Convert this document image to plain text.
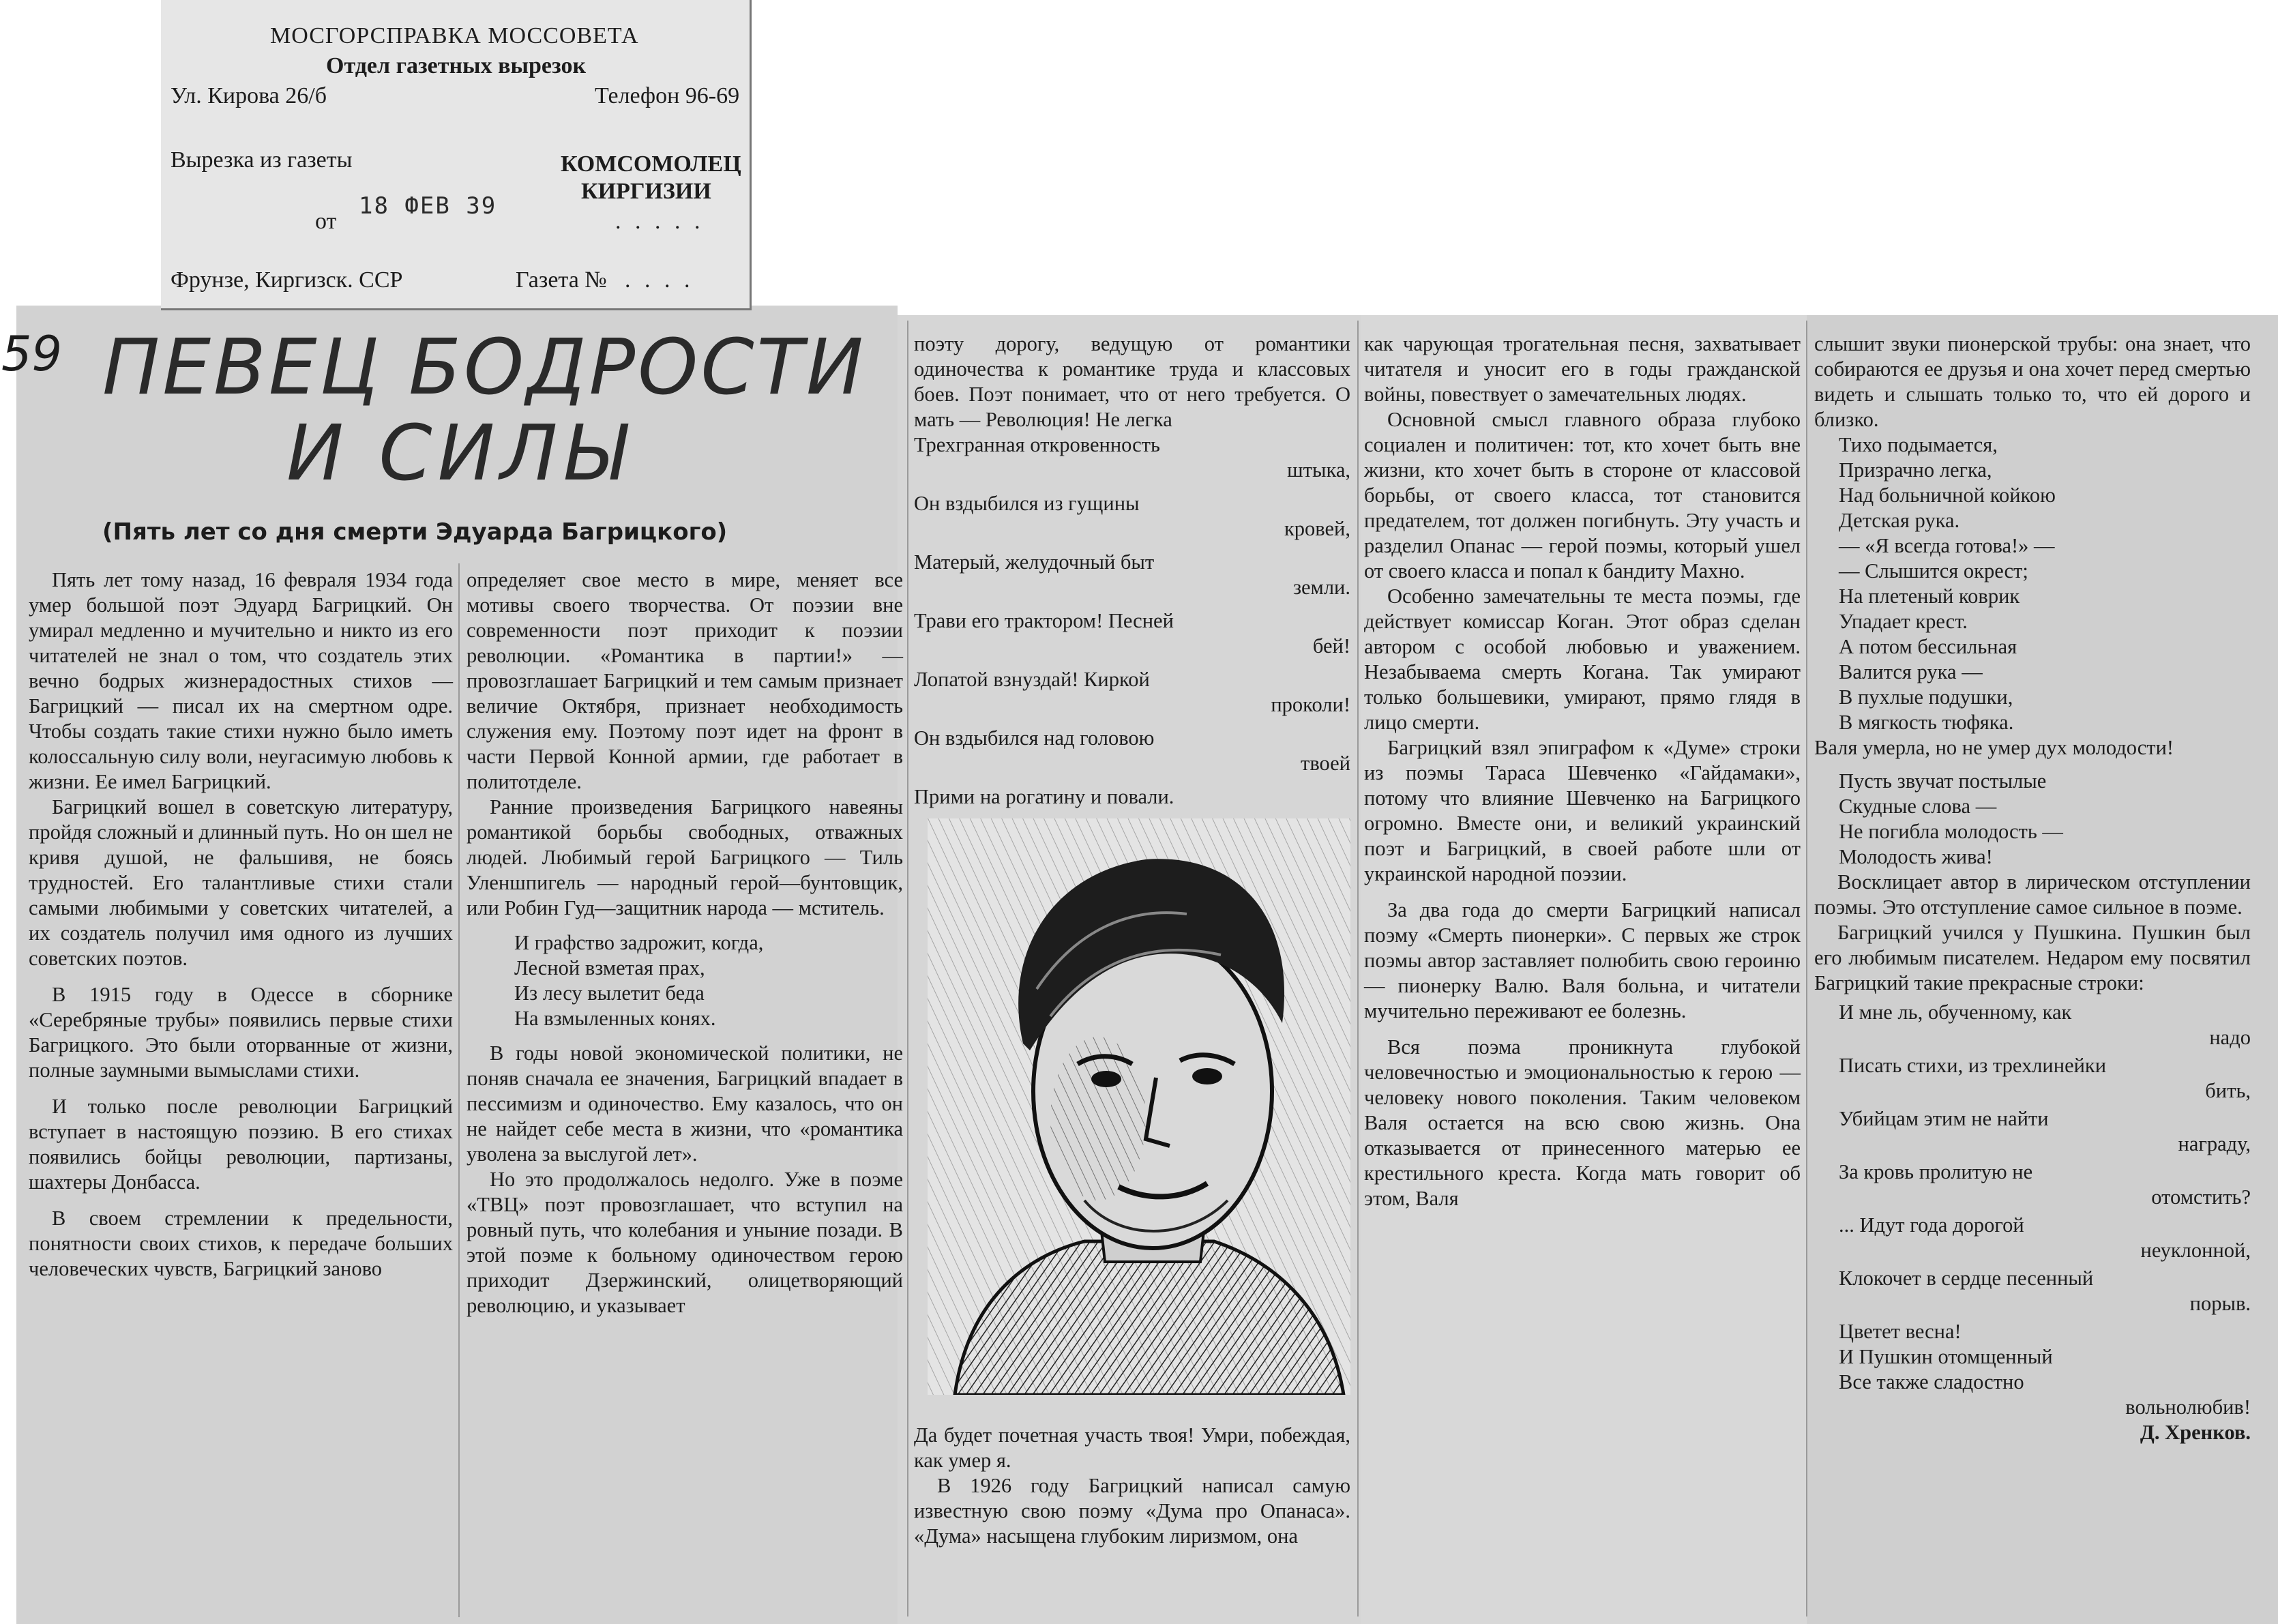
МОСГОРСПРАВКА МОССОВЕТА
Отдел газетных вырезок
Ул. Кирова 26/б	Телефон 96-69
Вырезка из газеты	КОМСОМОЛЕЦ
КИРГИЗИИ
от
18 ФЕВ 39
. . . . .
Фрунзе, Киргизск. ССР	Газета № . . . .
59 ПЕВЕЦ БОДРОСТИ
И СИЛЫ
(Пять лет со дня смерти Эдуарда Багрицкого)

Пять лет тому назад, 16 февраля 1934 года умер большой поэт Эдуард Багрицкий. Он умирал медленно и мучительно и никто из его читателей не знал о том, что создатель этих вечно бодрых жизнерадостных стихов — Багрицкий — писал их на смертном одре. Чтобы создать такие стихи нужно было иметь колоссальную силу воли, неугасимую любовь к жизни. Ее имел Багрицкий.

Багрицкий вошел в советскую литературу, пройдя сложный и длинный путь. Но он шел не кривя душой, не фальшивя, не боясь трудностей. Его талантливые стихи стали самыми любимыми у советских читателей, а их создатель получил имя одного из лучших советских поэтов.

В 1915 году в Одессе в сборнике «Серебряные трубы» появились первые стихи Багрицкого. Это были оторванные от жизни, полные заумными вымыслами стихи.

И только после революции Багрицкий вступает в настоящую поэзию. В его стихах появились бойцы революции, партизаны, шахтеры Донбасса.

В своем стремлении к предельности, понятности своих стихов, к передаче больших человеческих чувств, Багрицкий заново

определяет свое место в мире, меняет все мотивы своего творчества. От поэзии вне современности поэт приходит к поэзии революции. «Романтика в партии!» — провозглашает Багрицкий и тем самым признает величие Октября, признает необходимость служения ему. Поэтому поэт идет на фронт в части Первой Конной армии, где работает в политотделе.

Ранние произведения Багрицкого навеяны романтикой борьбы свободных, отважных людей. Любимый герой Багрицкого — Тиль Уленшпигель — народный герой—бунтовщик, или Робин Гуд—защитник народа — мститель.

И графство задрожит, когда,
Лесной взметая прах,
Из лесу вылетит беда
На взмыленных конях.

В годы новой экономической политики, не поняв сначала ее значения, Багрицкий впадает в пессимизм и одиночество. Ему казалось, что он не найдет себе места в жизни, что «романтика уволена за выслугой лет».

Но это продолжалось недолго. Уже в поэме «ТВЦ» поэт провозглашает, что вступил на ровный путь, что колебания и уныние позади. В этой поэме к больному одиночеством герою приходит Дзержинский, олицетворяющий революцию, и указывает

поэту дорогу, ведущую от романтики одиночества к романтике труда и классовых боев. Поэт понимает, что от него требуется. О мать — Революция! Не легка

Трехгранная откровенность
штыка,
Он вздыбился из гущины
кровей,
Матерый, желудочный быт
земли.
Трави его трактором! Песней
бей!
Лопатой взнуздай! Киркой
проколи!
Он вздыбился над головою
твоей
Прими на рогатину и повали.

Да будет почетная участь твоя! Умри, побеждая, как умер я.

В 1926 году Багрицкий написал самую известную свою поэму «Дума про Опанаса». «Дума» насыщена глубоким лиризмом, она

как чарующая трогательная песня, захватывает читателя и уносит его в годы гражданской войны, повествует о замечательных людях.

Основной смысл главного образа глубоко социален и политичен: тот, кто хочет быть вне жизни, кто хочет быть в стороне от классовой борьбы, от своего класса, тот становится предателем, тот должен погибнуть. Эту участь и разделил Опанас — герой поэмы, который ушел от своего класса и попал к бандиту Махно.

Особенно замечательны те места поэмы, где действует комиссар Коган. Этот образ сделан автором с особой любовью и уважением. Незабываема смерть Когана. Так умирают только большевики, умирают, прямо глядя в лицо смерти.

Багрицкий взял эпиграфом к «Думе» строки из поэмы Тараса Шевченко «Гайдамаки», потому что влияние Шевченко на Багрицкого огромно. Вместе они, и великий украинский поэт и Багрицкий, в своей работе шли от украинской народной поэзии.

За два года до смерти Багрицкий написал поэму «Смерть пионерки». С первых же строк поэмы автор заставляет полюбить свою героиню — пионерку Валю. Валя больна, и читатели мучительно переживают ее болезнь.

Вся поэма проникнута глубокой человечностью и эмоциональностью к герою — человеку нового поколения. Таким человеком Валя остается на всю свою жизнь. Она отказывается от принесенного матерью ее крестильного креста. Когда мать говорит об этом, Валя

слышит звуки пионерской трубы: она знает, что собираются ее друзья и она хочет перед смертью видеть и слышать только то, что ей дорого и близко.

Тихо подымается,
Призрачно легка,
Над больничной койкою
Детская рука.
— «Я всегда готова!» —
— Слышится окрест;
На плетеный коврик
Упадает крест.
А потом бессильная
Валится рука —
В пухлые подушки,
В мягкость тюфяка.

Валя умерла, но не умер дух молодости!

Пусть звучат постылые
Скудные слова —
Не погибла молодость —
Молодость жива!

Восклицает автор в лирическом отступлении поэмы. Это отступление самое сильное в поэме.

Багрицкий учился у Пушкина. Пушкин был его любимым писателем. Недаром ему посвятил Багрицкий такие прекрасные строки:

И мне ль, обученному, как
надо
Писать стихи, из трехлинейки
бить,
Убийцам этим не найти
награду,
За кровь пролитую не
отомстить?
... Идут года дорогой
неуклонной,
Клокочет в сердце песенный
порыв.
Цветет весна!
И Пушкин отомщенный
Все также сладостно
вольнолюбив!
Д. Хренков.
